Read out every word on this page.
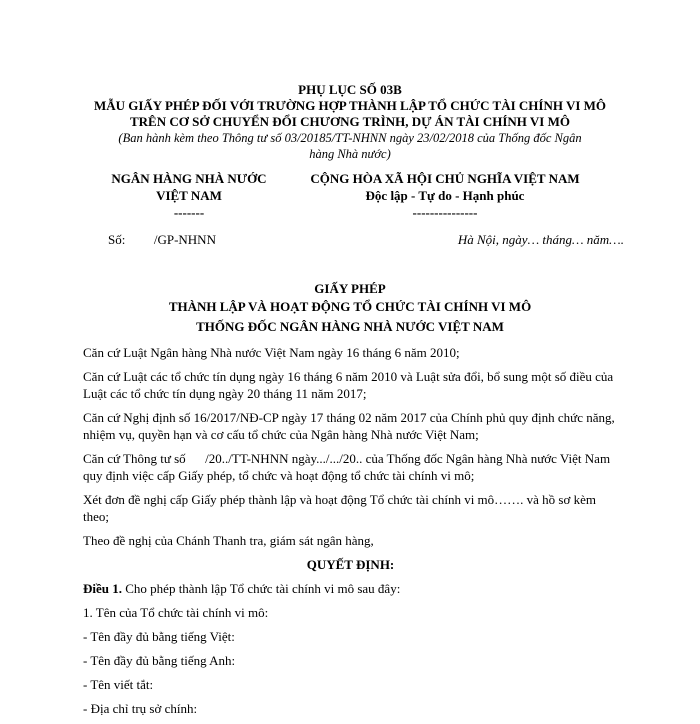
PHỤ LỤC SỐ 03B
MẪU GIẤY PHÉP ĐỐI VỚI TRƯỜNG HỢP THÀNH LẬP TỔ CHỨC TÀI CHÍNH VI MÔ
TRÊN CƠ SỞ CHUYỂN ĐỔI CHƯƠNG TRÌNH, DỰ ÁN TÀI CHÍNH VI MÔ
(Ban hành kèm theo Thông tư số 03/20185/TT-NHNN ngày 23/02/2018 của Thống đốc Ngân
hàng Nhà nước)
NGÂN HÀNG NHÀ NƯỚC
VIỆT NAM
-------
CỘNG HÒA XÃ HỘI CHỦ NGHĨA VIỆT NAM
Độc lập - Tự do - Hạnh phúc
---------------
Số: /GP-NHNN	Hà Nội, ngày… tháng… năm….
GIẤY PHÉP
THÀNH LẬP VÀ HOẠT ĐỘNG TỔ CHỨC TÀI CHÍNH VI MÔ
THỐNG ĐỐC NGÂN HÀNG NHÀ NƯỚC VIỆT NAM

Căn cứ Luật Ngân hàng Nhà nước Việt Nam ngày 16 tháng 6 năm 2010;

Căn cứ Luật các tổ chức tín dụng ngày 16 tháng 6 năm 2010 và Luật sửa đổi, bổ sung một số điều của Luật các tổ chức tín dụng ngày 20 tháng 11 năm 2017;

Căn cứ Nghị định số 16/2017/NĐ-CP ngày 17 tháng 02 năm 2017 của Chính phủ quy định chức năng, nhiệm vụ, quyền hạn và cơ cấu tổ chức của Ngân hàng Nhà nước Việt Nam;

Căn cứ Thông tư số      /20../TT-NHNN ngày.../.../20.. của Thống đốc Ngân hàng Nhà nước Việt Nam quy định việc cấp Giấy phép, tổ chức và hoạt động tổ chức tài chính vi mô;

Xét đơn đề nghị cấp Giấy phép thành lập và hoạt động Tổ chức tài chính vi mô……. và hồ sơ kèm theo;

Theo đề nghị của Chánh Thanh tra, giám sát ngân hàng,

QUYẾT ĐỊNH:

Điều 1. Cho phép thành lập Tổ chức tài chính vi mô sau đây:

1. Tên của Tổ chức tài chính vi mô:

- Tên đầy đủ bằng tiếng Việt:

- Tên đầy đủ bằng tiếng Anh:

- Tên viết tắt:

- Địa chỉ trụ sở chính:
